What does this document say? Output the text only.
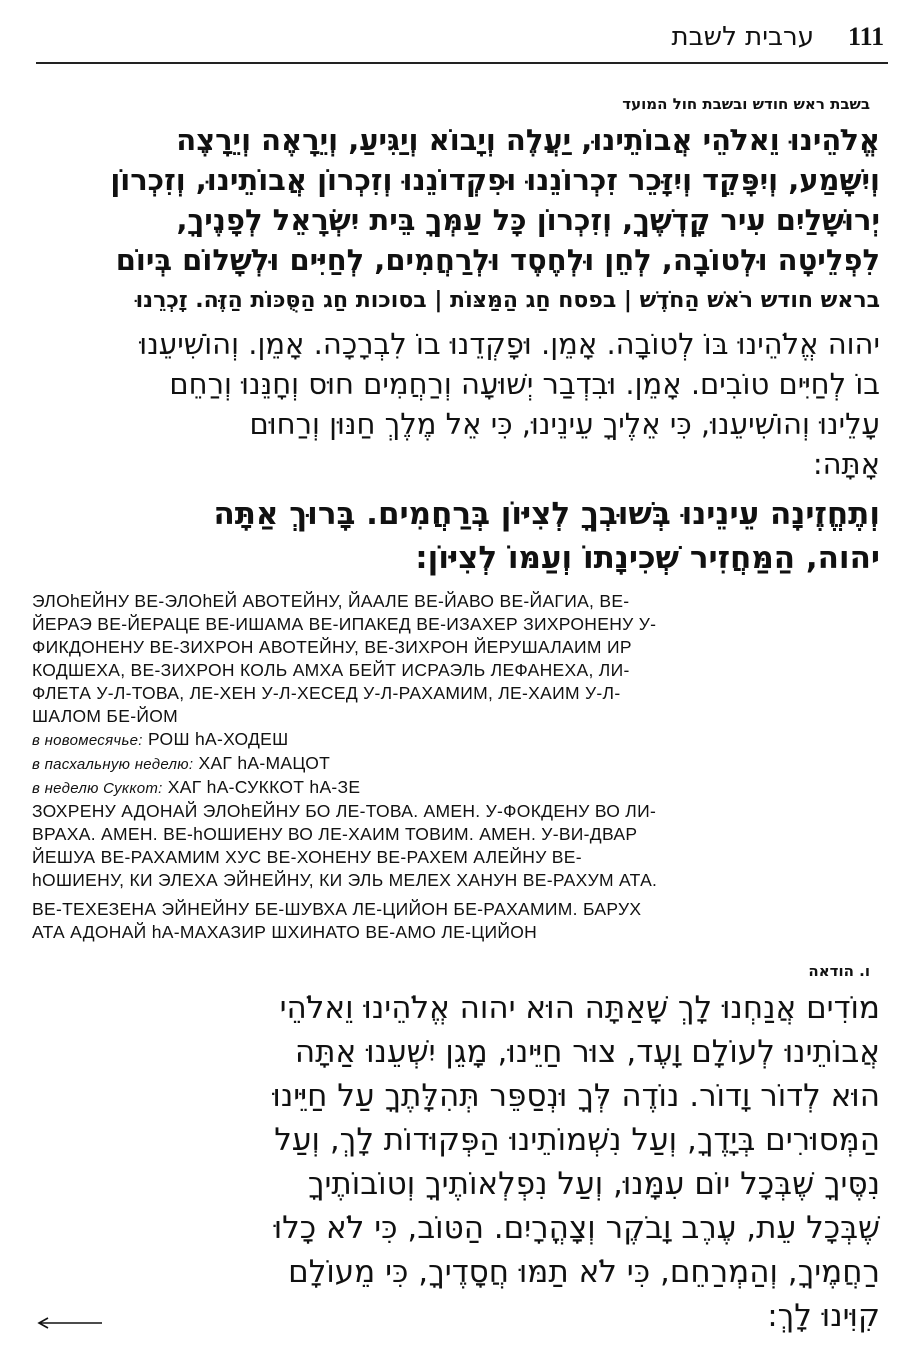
111
ערבית לשבת
בשבת ראש חודש ובשבת חול המועד
אֱלֹהֵינוּ וֵאלֹהֵי אֲבוֹתֵינוּ, יַעֲלֶה וְיָבוֹא וְיַגִּיעַ, וְיֵרָאֶה וְיֵרָצֶה
וְיִשָּׁמַע, וְיִפָּקֵד וְיִזָּכֵר זִכְרוֹנֵנוּ וּפִקְדוֹנֵנוּ וְזִכְרוֹן אֲבוֹתֵינוּ, וְזִכְרוֹן
יְרוּשָׁלַיִם עִיר קָדְשֶׁךָ, וְזִכְרוֹן כָּל עַמְּךָ בֵּית יִשְׂרָאֵל לְפָנֶיךָ,
לִפְלֵיטָה וּלְטוֹבָה, לְחֵן וּלְחֶסֶד וּלְרַחֲמִים, לְחַיִּים וּלְשָׁלוֹם בְּיוֹם
בראש חודש רֹאשׁ הַחֹדֶשׁ | בפסח חַג הַמַּצּוֹת | בסוכות חַג הַסֻּכּוֹת הַזֶּה. זָכְרֵנוּ
יהוה אֱלֹהֵינוּ בּוֹ לְטוֹבָה. אָמֵן. וּפָקְדֵנוּ בוֹ לִבְרָכָה. אָמֵן. וְהוֹשִׁיעֵנוּ
בוֹ לְחַיִּים טוֹבִים. אָמֵן. וּבִדְבַר יְשׁוּעָה וְרַחֲמִים חוּס וְחָנֵּנוּ וְרַחֵם
עָלֵינוּ וְהוֹשִׁיעֵנוּ, כִּי אֵלֶיךָ עֵינֵינוּ, כִּי אֵל מֶלֶךְ חַנּוּן וְרַחוּם
אָתָּה:
וְתֶחֱזֶינָה עֵינֵינוּ בְּשׁוּבְךָ לְצִיּוֹן בְּרַחֲמִים. בָּרוּךְ אַתָּה
יהוה, הַמַּחֲזִיר שְׁכִינָתוֹ וְעַמּוֹ לְצִיּוֹן:
ЭЛОhЕЙНУ ВЕ-ЭЛОhЕЙ АВОТЕЙНУ, ЙААЛЕ ВЕ-ЙАВО ВЕ-ЙАГИА, ВЕ-
ЙЕРАЭ ВЕ-ЙЕРАЦЕ ВЕ-ИШАМА ВЕ-ИПАКЕД ВЕ-ИЗАХЕР ЗИХРОНЕНУ У-
ФИКДОНЕНУ ВЕ-ЗИХРОН АВОТЕЙНУ, ВЕ-ЗИХРОН ЙЕРУШАЛАИМ ИР
КОДШЕХА, ВЕ-ЗИХРОН КОЛЬ АМХА БЕЙТ ИСРАЭЛЬ ЛЕФАНЕХА, ЛИ-
ФЛЕТА У-Л-ТОВА, ЛЕ-ХЕН У-Л-ХЕСЕД У-Л-РАХАМИМ, ЛЕ-ХАИМ У-Л-
ШАЛОМ БЕ-ЙОМ
в новомесячье: РОШ hА-ХОДЕШ
в пасхальную неделю: ХАГ hА-МАЦОТ
в неделю Суккот: ХАГ hА-СУККОТ hА-ЗЕ
ЗОХРЕНУ АДОНАЙ ЭЛОhЕЙНУ БО ЛЕ-ТОВА. АМЕН. У-ФОКДЕНУ ВО ЛИ-
ВРАХА. АМЕН. ВЕ-hОШИЕНУ ВО ЛЕ-ХАИМ ТОВИМ. АМЕН. У-ВИ-ДВАР
ЙЕШУА ВЕ-РАХАМИМ ХУС ВЕ-ХОНЕНУ ВЕ-РАХЕМ АЛЕЙНУ ВЕ-
hОШИЕНУ, КИ ЭЛЕХА ЭЙНЕЙНУ, КИ ЭЛЬ МЕЛЕХ ХАНУН ВЕ-РАХУМ АТА.
ВЕ-ТЕХЕЗЕНА ЭЙНЕЙНУ БЕ-ШУВХА ЛЕ-ЦИЙОН БЕ-РАХАМИМ. БАРУХ
АТА АДОНАЙ hА-МАХАЗИР ШХИНАТО ВЕ-АМО ЛЕ-ЦИЙОН
ו. הודאה
מוֹדִים אֲנַחְנוּ לָךְ שָׁאַתָּה הוּא יהוה אֱלֹהֵינוּ וֵאלֹהֵי
אֲבוֹתֵינוּ לְעוֹלָם וָעֶד, צוּר חַיֵּינוּ, מָגֵן יִשְׁעֵנוּ אַתָּה
הוּא לְדוֹר וָדוֹר. נוֹדֶה לְּךָ וּנְסַפֵּר תְּהִלָּתֶךָ עַל חַיֵּינוּ
הַמְּסוּרִים בְּיָדֶךָ, וְעַל נִשְׁמוֹתֵינוּ הַפְּקוּדוֹת לָךְ, וְעַל
נִסֶּיךָ שֶׁבְּכָל יוֹם עִמָּנוּ, וְעַל נִפְלְאוֹתֶיךָ וְטוֹבוֹתֶיךָ
שֶׁבְּכָל עֵת, עֶרֶב וָבֹקֶר וְצָהֳרָיִם. הַטּוֹב, כִּי לֹא כָלוּ
רַחֲמֶיךָ, וְהַמְרַחֵם, כִּי לֹא תַמּוּ חֲסָדֶיךָ, כִּי מֵעוֹלָם
קִוִּינוּ לָךְ:
